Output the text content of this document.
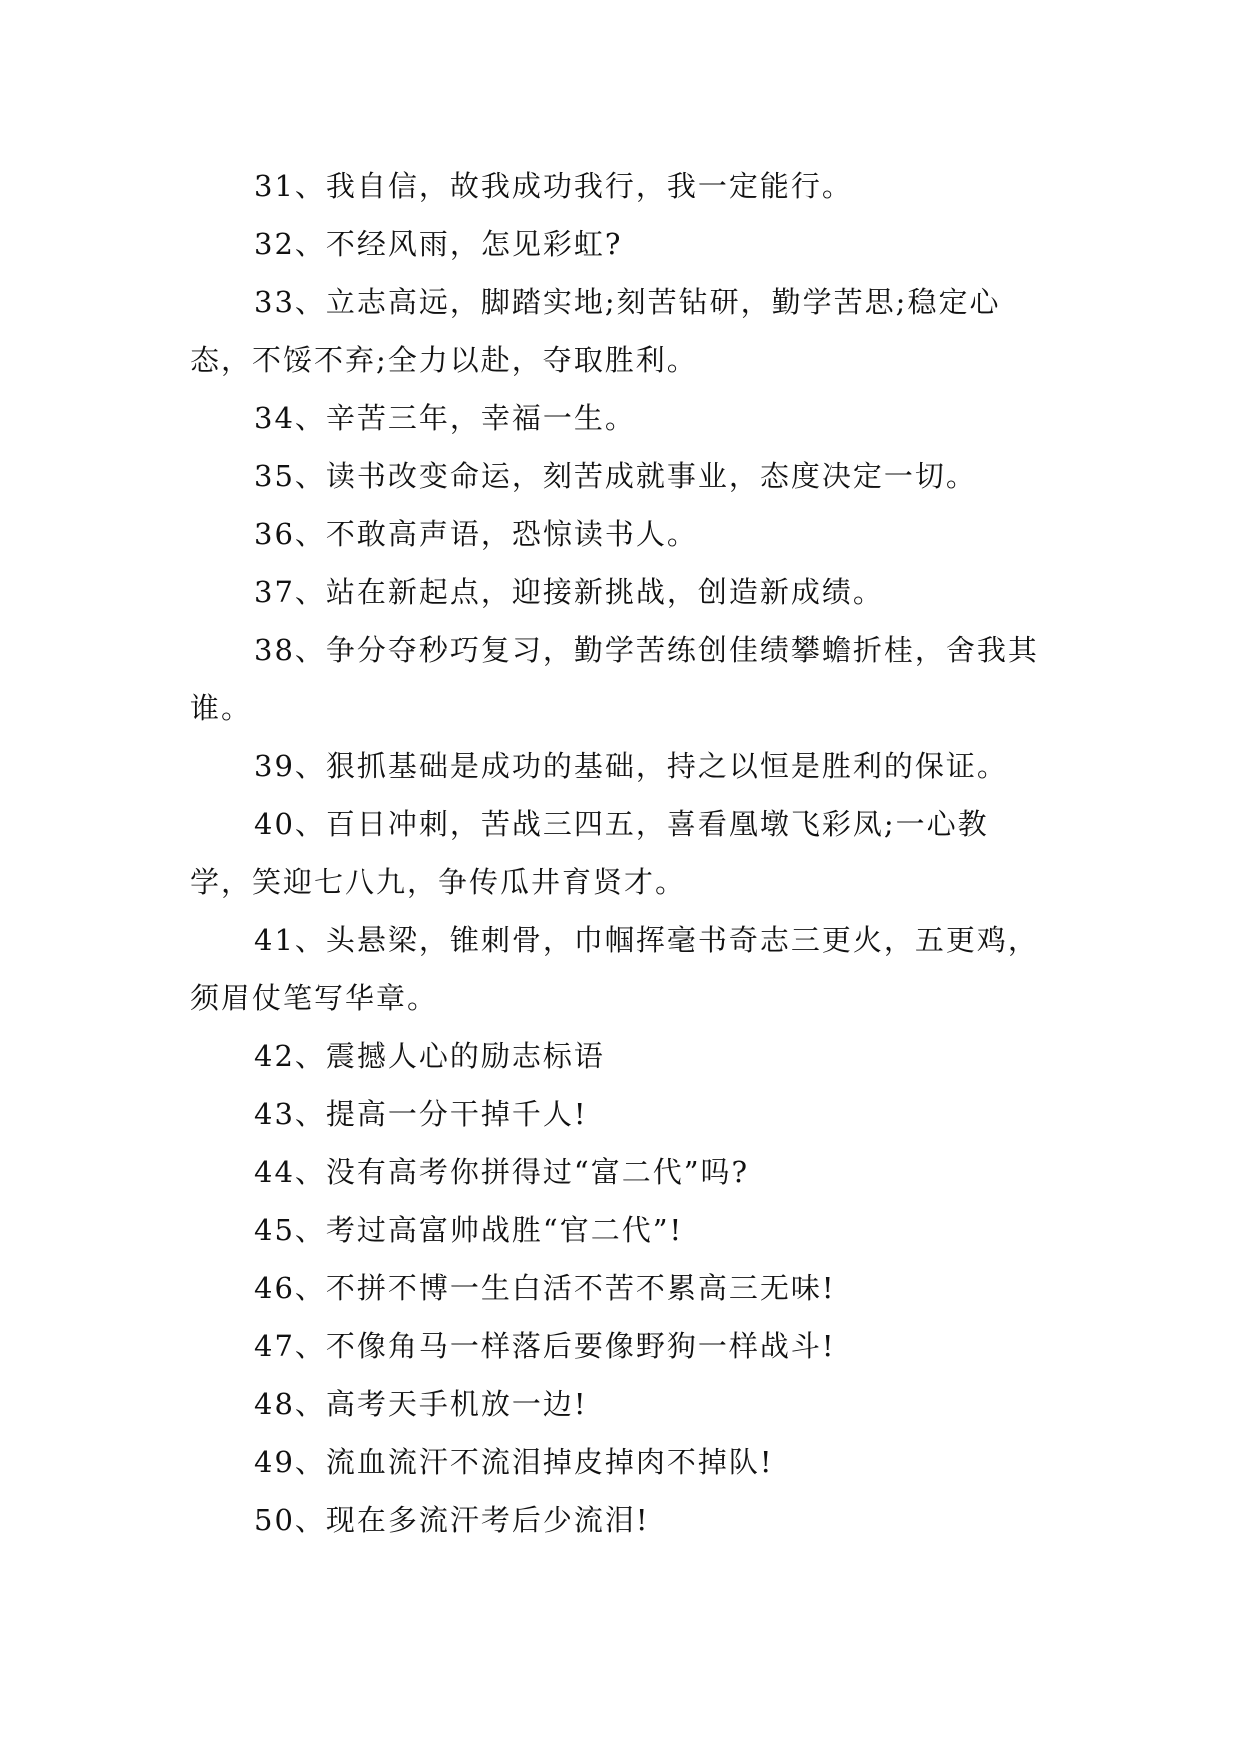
31、我自信，故我成功我行，我一定能行。

32、不经风雨，怎见彩虹?

33、立志高远，脚踏实地;刻苦钻研，勤学苦思;稳定心态，不馁不弃;全力以赴，夺取胜利。

34、辛苦三年，幸福一生。

35、读书改变命运，刻苦成就事业，态度决定一切。

36、不敢高声语，恐惊读书人。

37、站在新起点，迎接新挑战，创造新成绩。

38、争分夺秒巧复习，勤学苦练创佳绩攀蟾折桂，舍我其谁。

39、狠抓基础是成功的基础，持之以恒是胜利的保证。

40、百日冲刺，苦战三四五，喜看凰墩飞彩凤;一心教学，笑迎七八九，争传瓜井育贤才。

41、头悬梁，锥刺骨，巾帼挥毫书奇志三更火，五更鸡，须眉仗笔写华章。

42、震撼人心的励志标语

43、提高一分干掉千人!

44、没有高考你拼得过“富二代”吗?

45、考过高富帅战胜“官二代”!

46、不拼不博一生白活不苦不累高三无味!

47、不像角马一样落后要像野狗一样战斗!

48、高考天手机放一边!

49、流血流汗不流泪掉皮掉肉不掉队!

50、现在多流汗考后少流泪!
